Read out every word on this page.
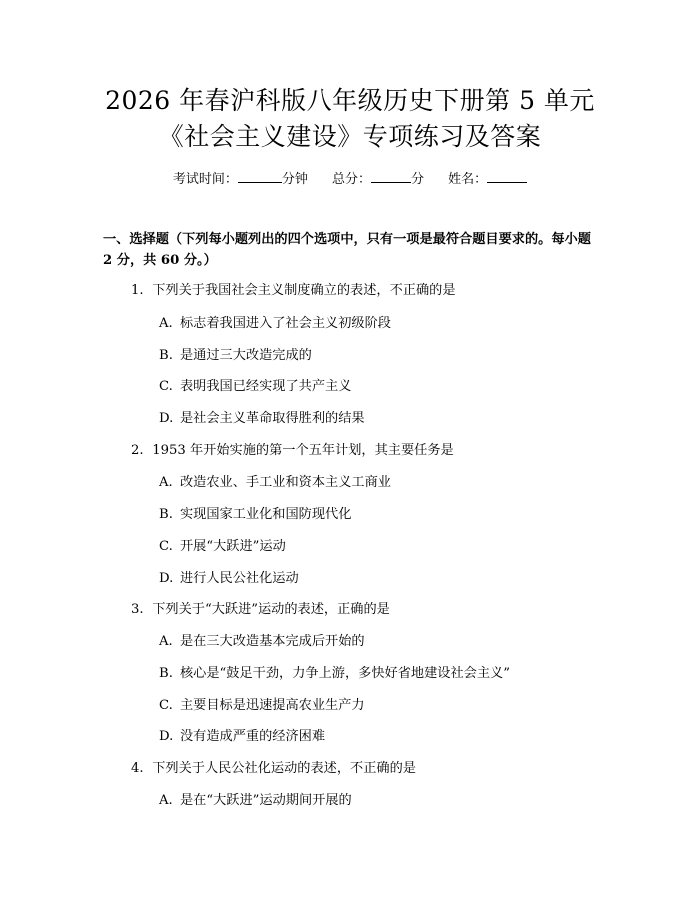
2026 年春沪科版八年级历史下册第 5 单元
《社会主义建设》专项练习及答案
考试时间：	分钟 总分：	分 姓名：
一、选择题（下列每小题列出的四个选项中，只有一项是最符合题目要求的。每小题 2 分，共 60 分。）
1. 下列关于我国社会主义制度确立的表述，不正确的是
A. 标志着我国进入了社会主义初级阶段
B. 是通过三大改造完成的
C. 表明我国已经实现了共产主义
D. 是社会主义革命取得胜利的结果
2. 1953 年开始实施的第一个五年计划，其主要任务是
A. 改造农业、手工业和资本主义工商业
B. 实现国家工业化和国防现代化
C. 开展“大跃进”运动
D. 进行人民公社化运动
3. 下列关于“大跃进”运动的表述，正确的是
A. 是在三大改造基本完成后开始的
B. 核心是“鼓足干劲，力争上游，多快好省地建设社会主义”
C. 主要目标是迅速提高农业生产力
D. 没有造成严重的经济困难
4. 下列关于人民公社化运动的表述，不正确的是
A. 是在“大跃进”运动期间开展的
